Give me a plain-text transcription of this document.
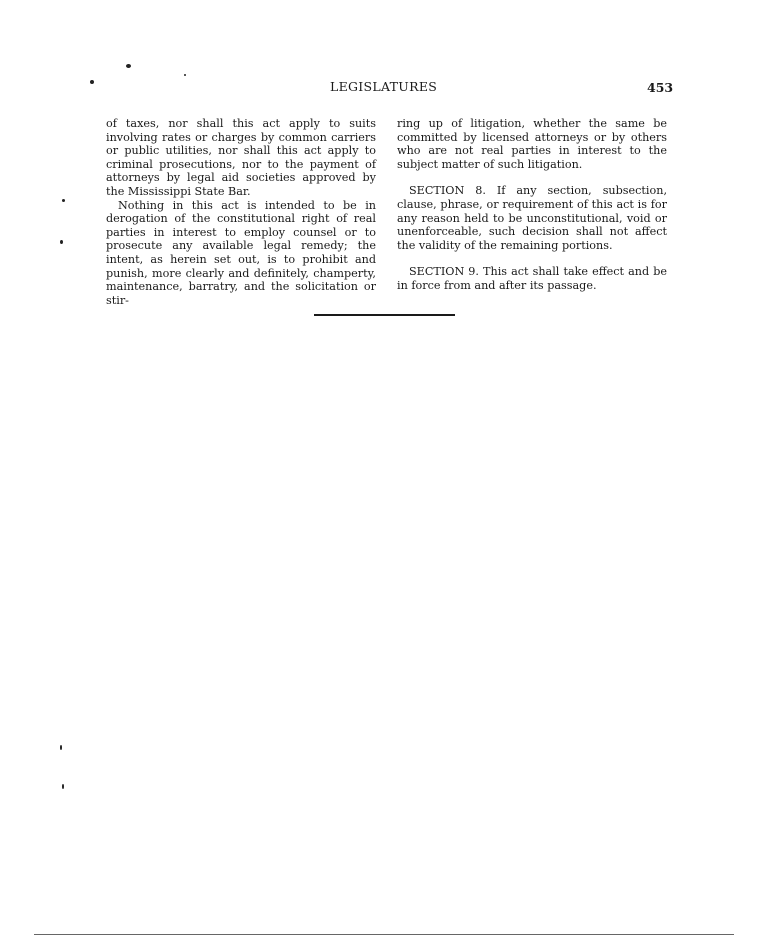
LEGISLATURES	453

of taxes, nor shall this act apply to suits involving rates or charges by common carriers or public utilities, nor shall this act apply to criminal prosecutions, nor to the payment of attorneys by legal aid societies approved by the Mississippi State Bar.

Nothing in this act is intended to be in derogation of the constitutional right of real parties in interest to employ counsel or to prosecute any available legal remedy; the intent, as herein set out, is to prohibit and punish, more clearly and definitely, champerty, maintenance, barratry, and the solicitation or stir-

ring up of litigation, whether the same be committed by licensed attorneys or by others who are not real parties in interest to the subject matter of such litigation.

SECTION 8. If any section, subsection, clause, phrase, or requirement of this act is for any reason held to be unconstitutional, void or unenforceable, such decision shall not affect the validity of the remaining portions.

SECTION 9. This act shall take effect and be in force from and after its passage.
